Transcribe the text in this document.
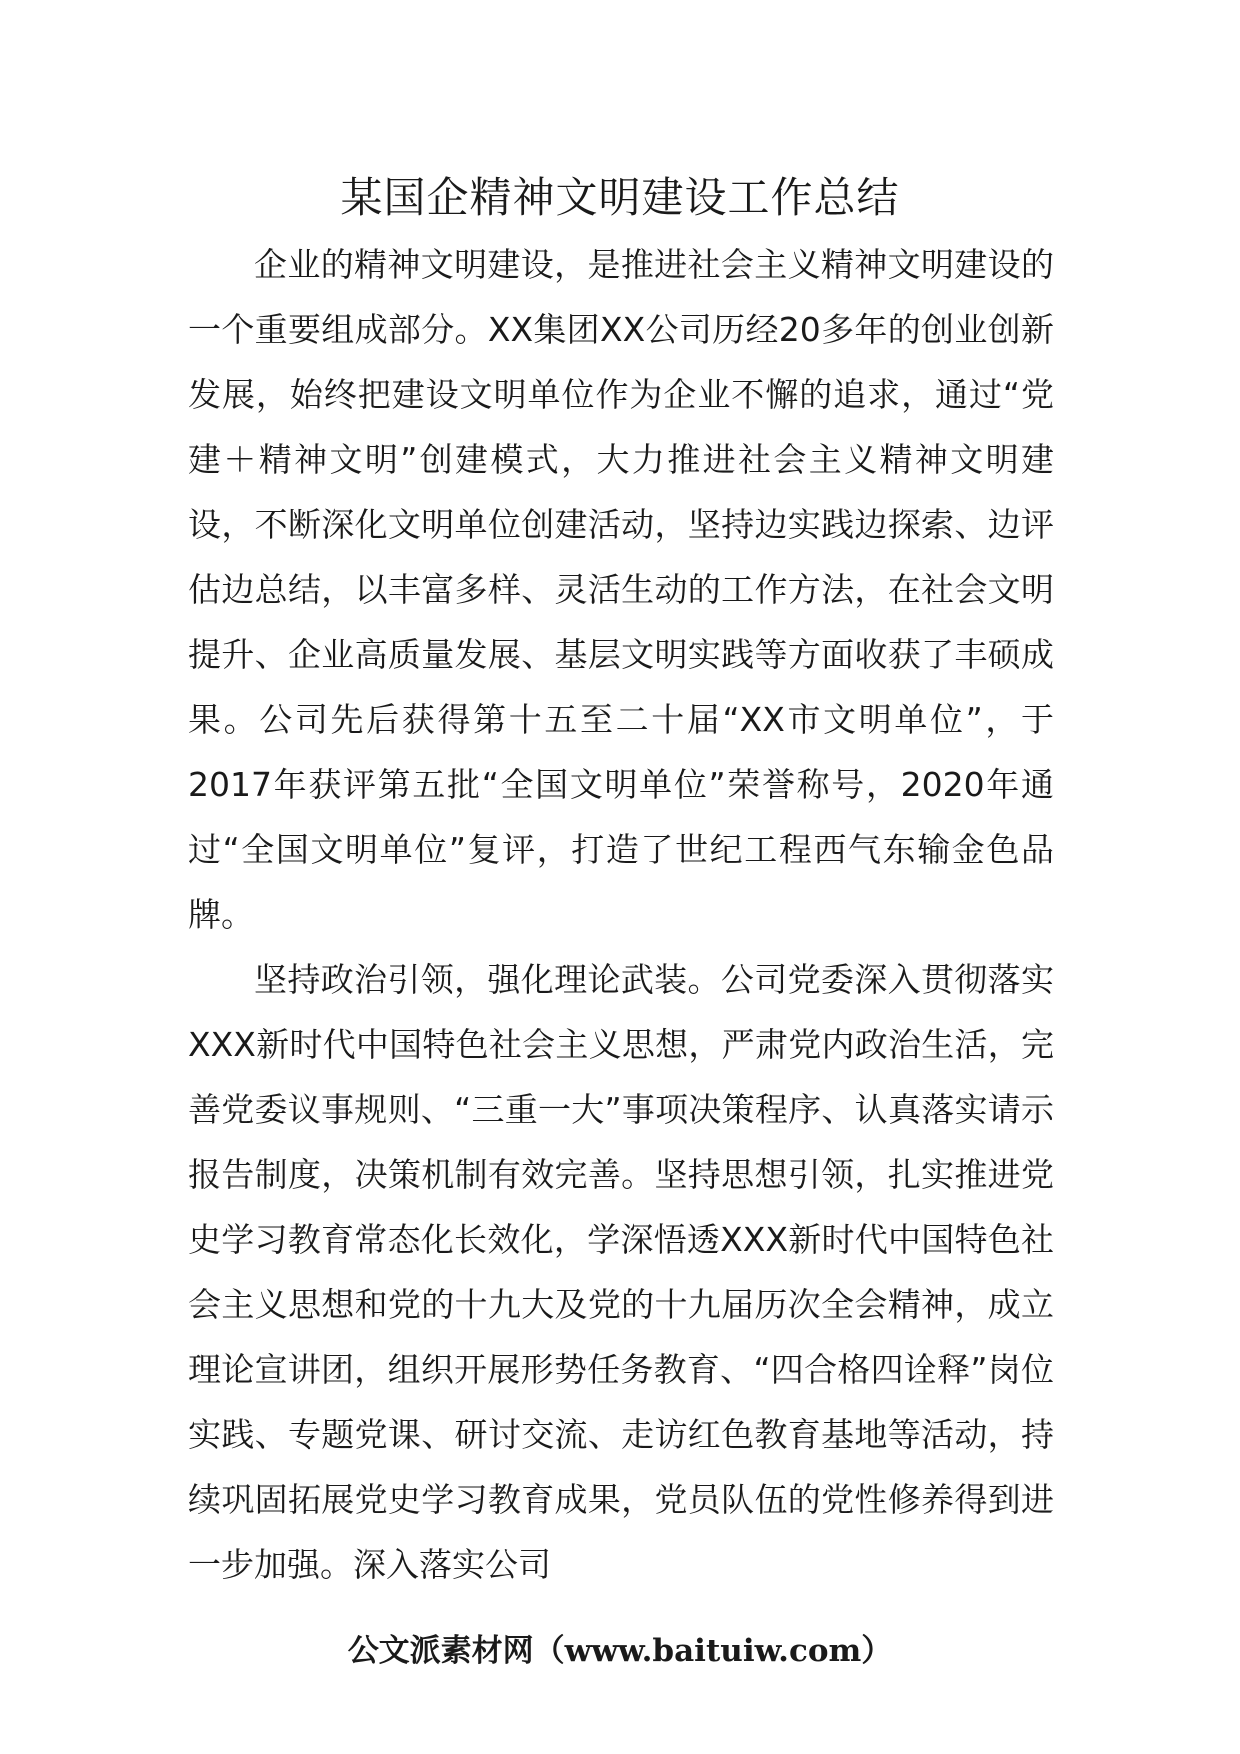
某国企精神文明建设工作总结

企业的精神文明建设，是推进社会主义精神文明建设的一个重要组成部分。XX集团XX公司历经20多年的创业创新发展，始终把建设文明单位作为企业不懈的追求，通过“党建＋精神文明”创建模式，大力推进社会主义精神文明建设，不断深化文明单位创建活动，坚持边实践边探索、边评估边总结，以丰富多样、灵活生动的工作方法，在社会文明提升、企业高质量发展、基层文明实践等方面收获了丰硕成果。公司先后获得第十五至二十届“XX市文明单位”，于2017年获评第五批“全国文明单位”荣誉称号，2020年通过“全国文明单位”复评，打造了世纪工程西气东输金色品牌。

坚持政治引领，强化理论武装。公司党委深入贯彻落实XXX新时代中国特色社会主义思想，严肃党内政治生活，完善党委议事规则、“三重一大”事项决策程序、认真落实请示报告制度，决策机制有效完善。坚持思想引领，扎实推进党史学习教育常态化长效化，学深悟透XXX新时代中国特色社会主义思想和党的十九大及党的十九届历次全会精神，成立理论宣讲团，组织开展形势任务教育、“四合格四诠释”岗位实践、专题党课、研讨交流、走访红色教育基地等活动，持续巩固拓展党史学习教育成果，党员队伍的党性修养得到进一步加强。深入落实公司

公文派素材网（www.baituiw.com）
